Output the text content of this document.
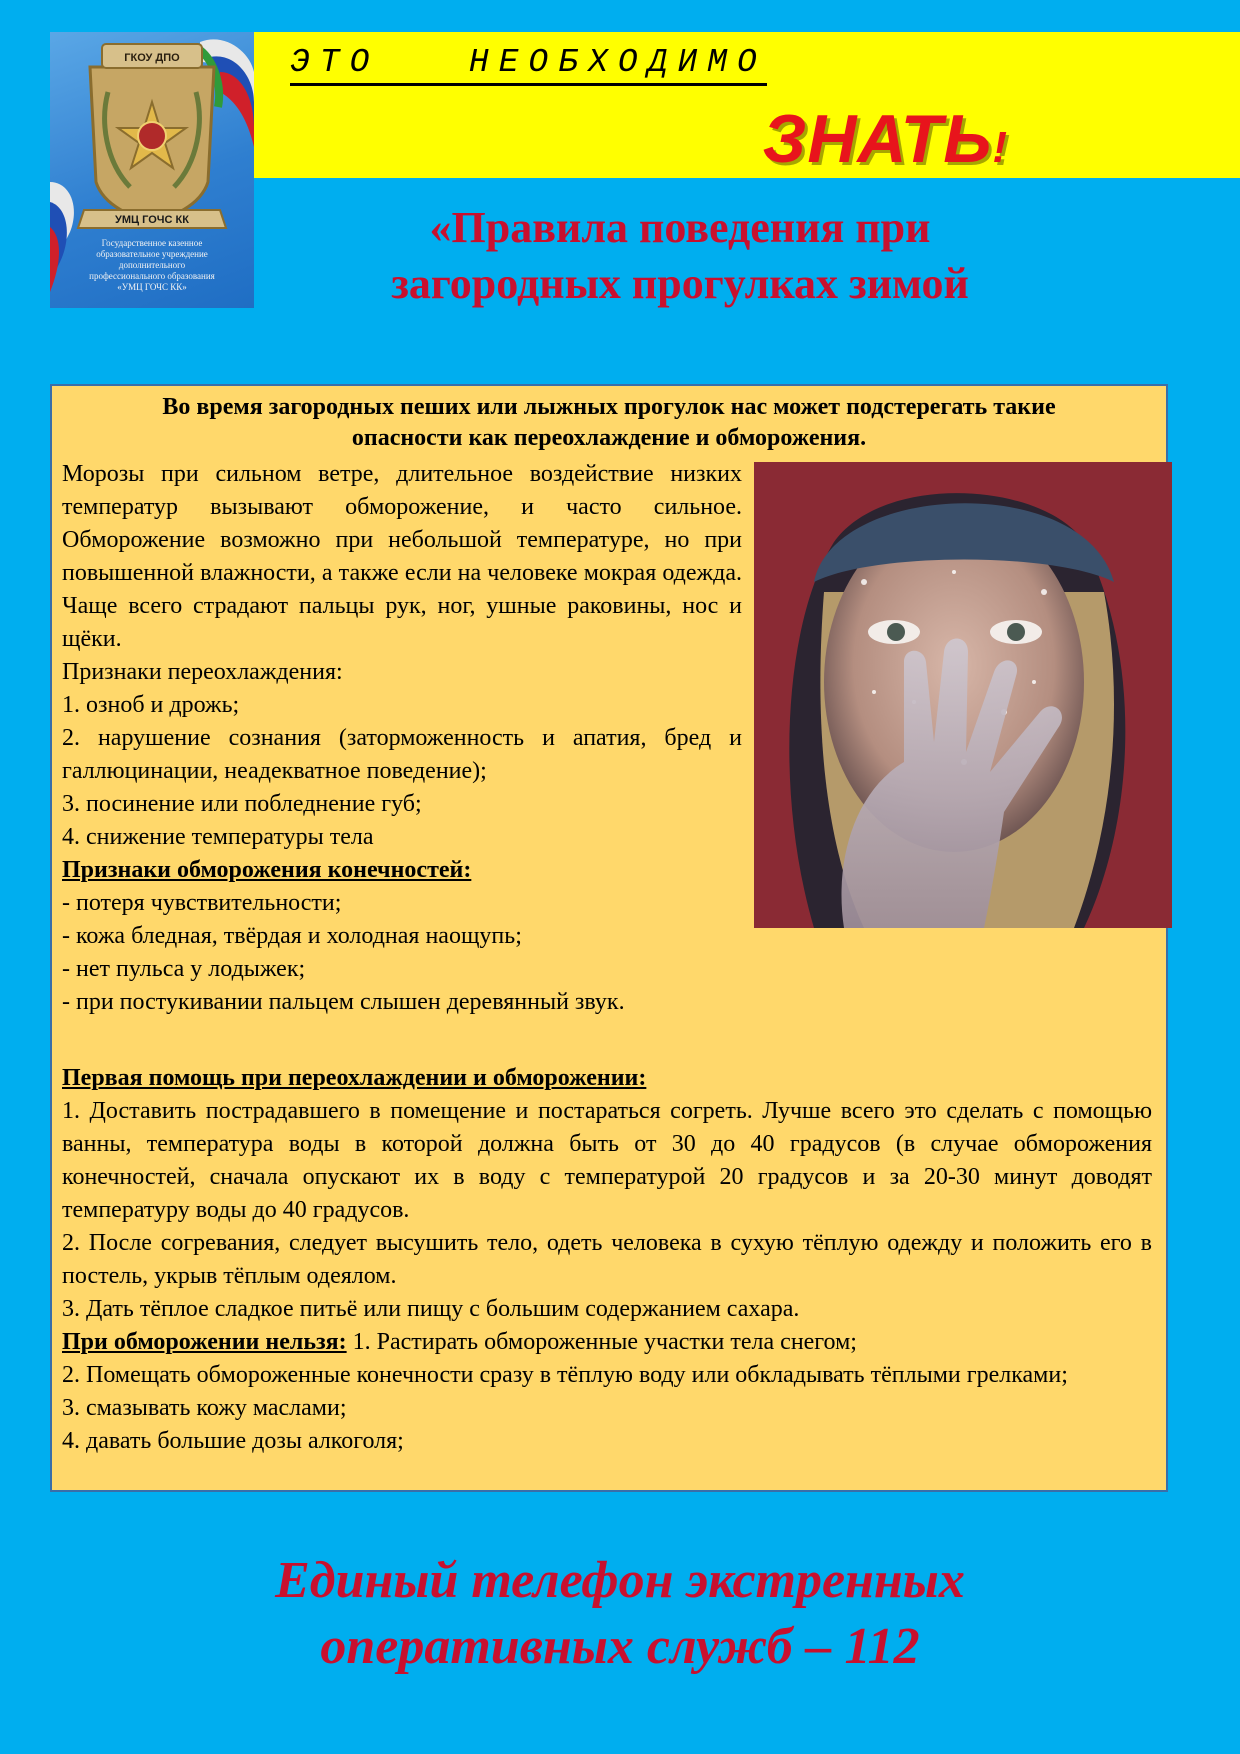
ГКОУ ДПО
УМЦ ГОЧС КК
Государственное казенное
образовательное учреждение
дополнительного
профессионального образования
«УМЦ ГОЧС КК»
ЭТО   НЕОБХОДИМО
ЗНАТЬ!
«Правила поведения при
загородных прогулках зимой
Во время загородных пеших или лыжных прогулок нас может подстерегать такие
опасности как переохлаждение и обморожения.

Морозы при сильном ветре, длительное воздействие низких температур вызывают обморожение, и часто сильное. Обморожение возможно при небольшой температуре, но при повышенной влажности, а также если на человеке мокрая одежда. Чаще всего страдают пальцы рук, ног, ушные раковины, нос и щёки.

Признаки переохлаждения:

1. озноб и дрожь;

2. нарушение сознания (заторможенность и апатия, бред и галлюцинации, неадекватное поведение);

3. посинение или побледнение губ;

4. снижение температуры тела

Признаки обморожения конечностей:

- потеря чувствительности;

- кожа бледная, твёрдая и холодная наощупь;

- нет пульса у лодыжек;

- при постукивании пальцем слышен деревянный звук.

Первая помощь при переохлаждении и обморожении:

1. Доставить пострадавшего в помещение и постараться согреть. Лучше всего это сделать с помощью ванны, температура воды в которой должна быть от 30 до 40 градусов (в случае обморожения конечностей, сначала опускают их в воду с температурой 20 градусов и за 20-30 минут доводят температуру воды до 40 градусов.

2. После согревания, следует высушить тело, одеть человека в сухую тёплую одежду и положить его в постель, укрыв тёплым одеялом.

3. Дать тёплое сладкое питьё или пищу с большим содержанием сахара.

При обморожении нельзя: 1. Растирать обмороженные участки тела снегом;

2. Помещать обмороженные конечности сразу в тёплую воду или обкладывать тёплыми грелками;

3. смазывать кожу маслами;

4. давать большие дозы алкоголя;

Единый телефон экстренных
оперативных служб – 112
